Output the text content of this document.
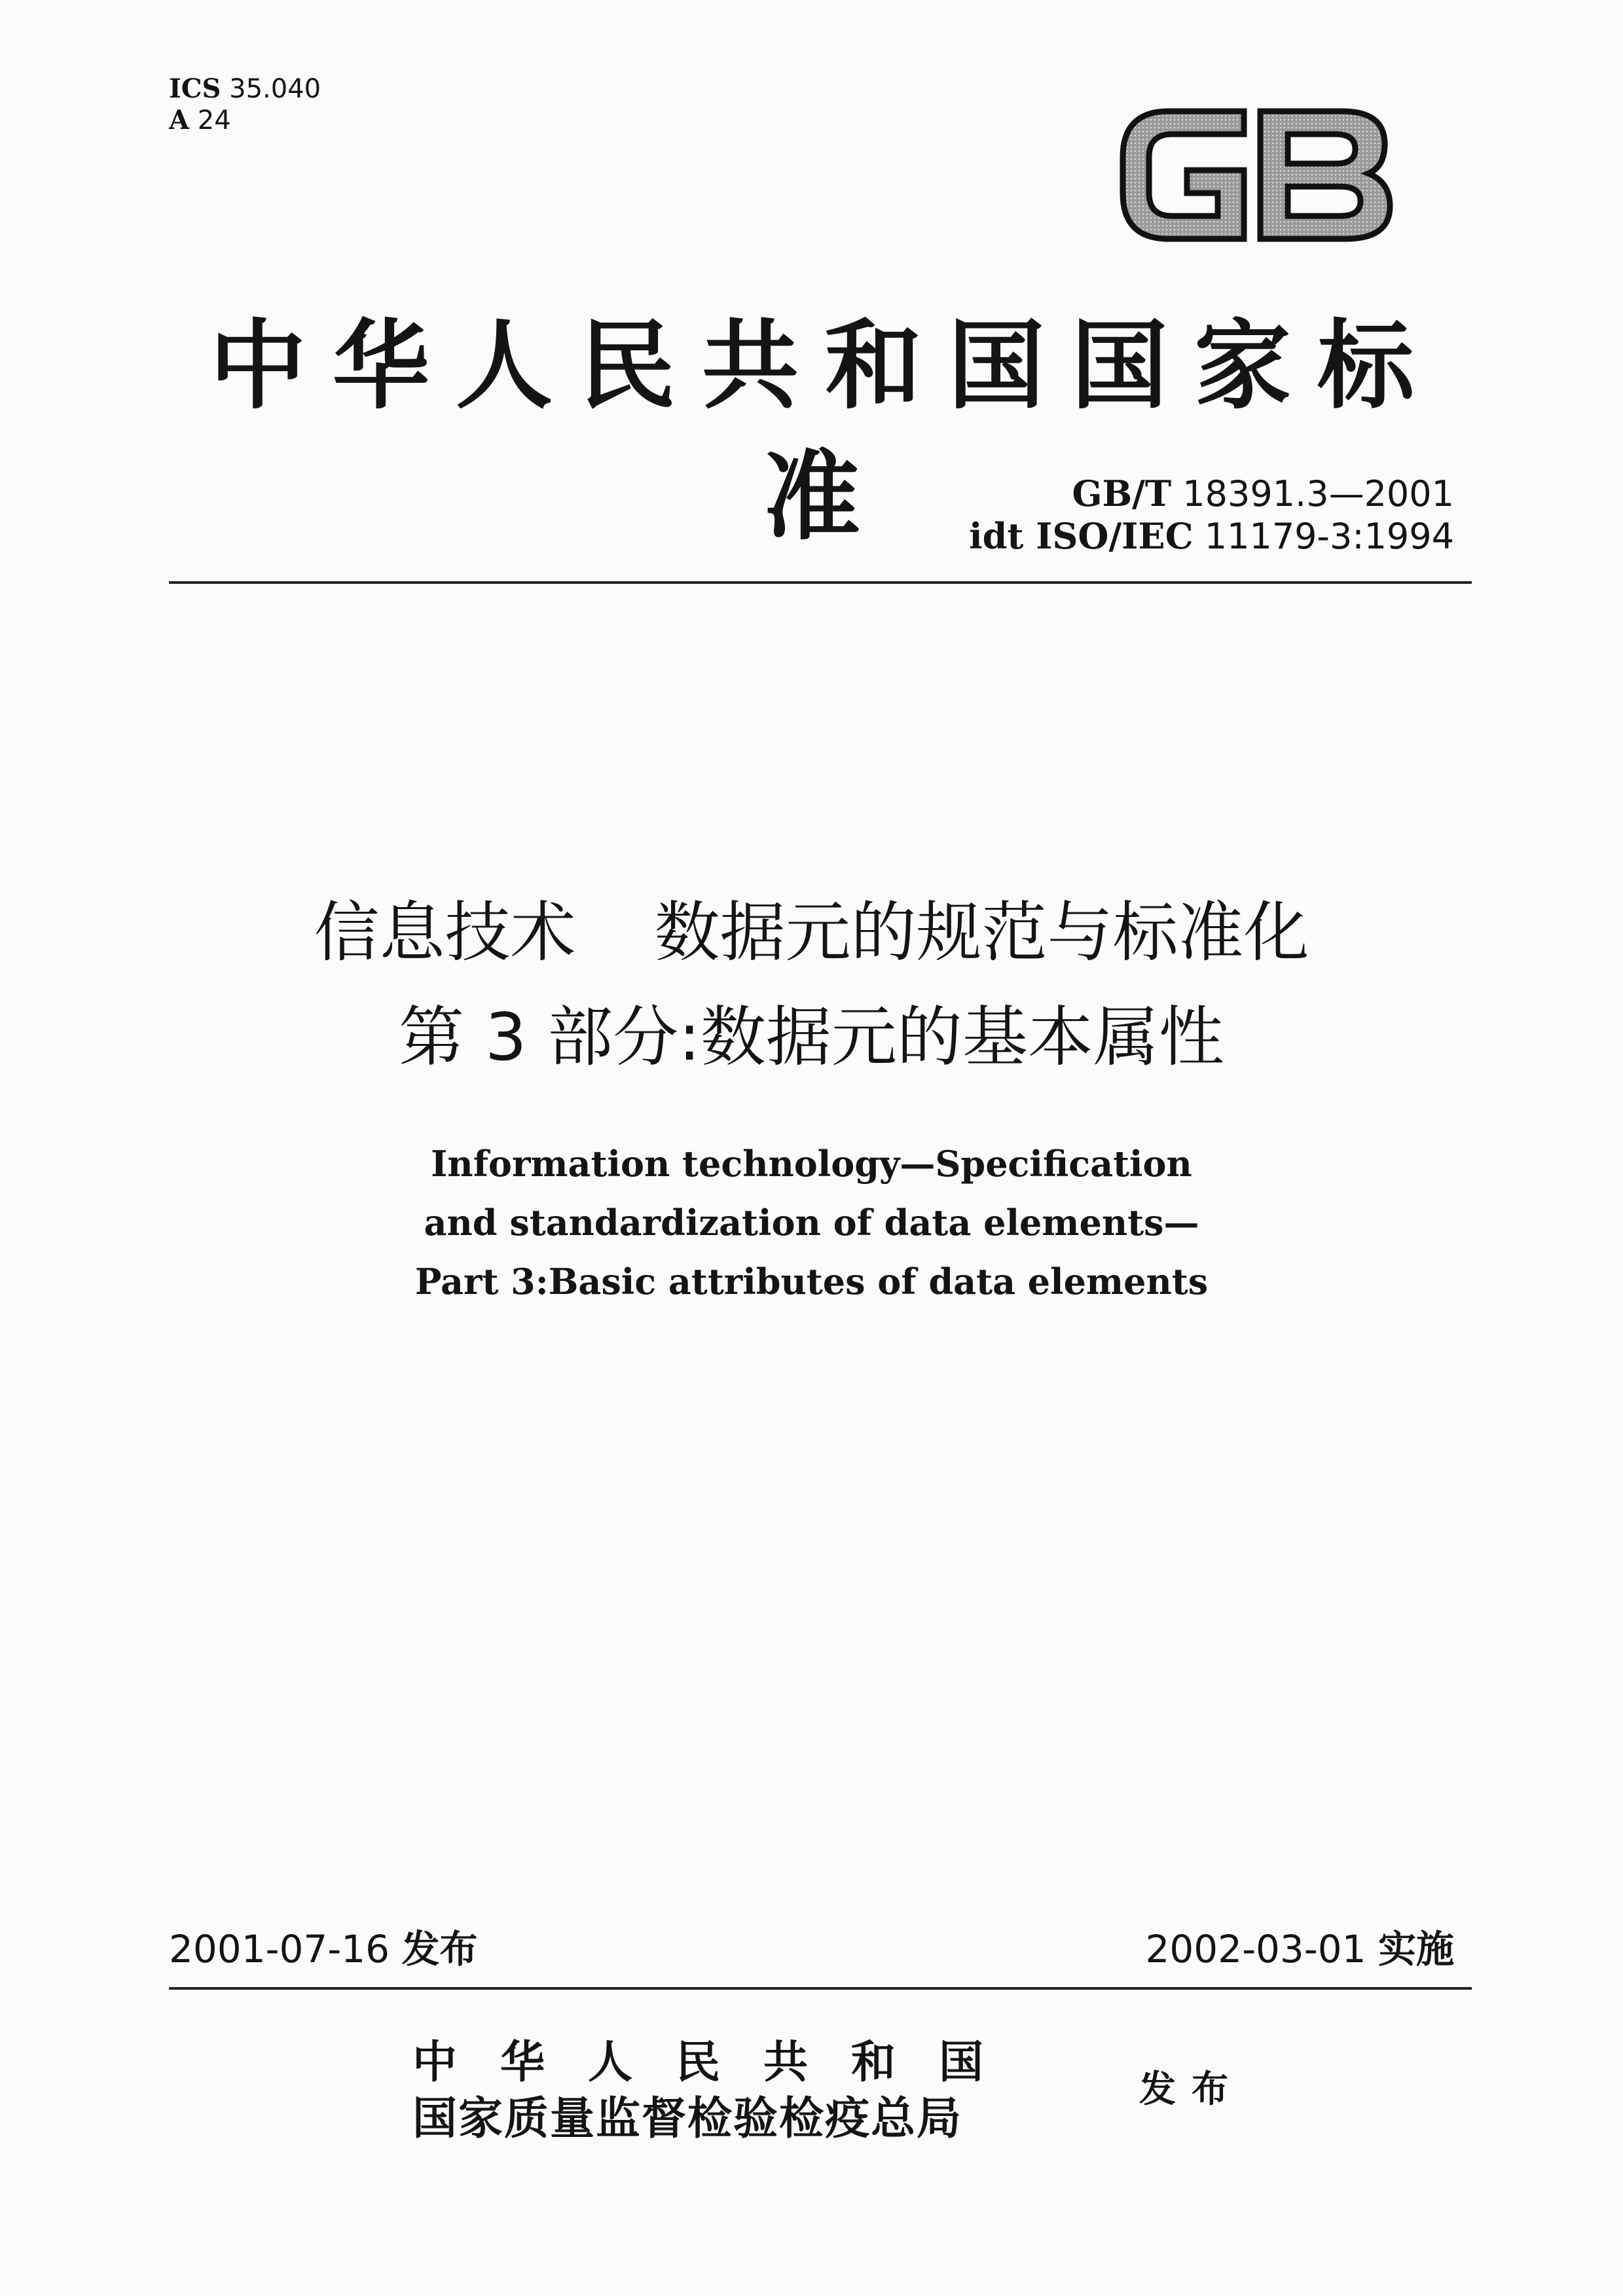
ICS 35.040
A 24
GB
中华人民共和国国家标准	GB/T 18391.3—2001
idt ISO/IEC 11179-3:1994
信息技术 数据元的规范与标准化
第 3 部分:数据元的基本属性
Information technology—Specification
and standardization of data elements—
Part 3:Basic attributes of data elements
2001-07-16 发布	2002-03-01 实施
中华人民共和国
国家质量监督检验检疫总局
发布
